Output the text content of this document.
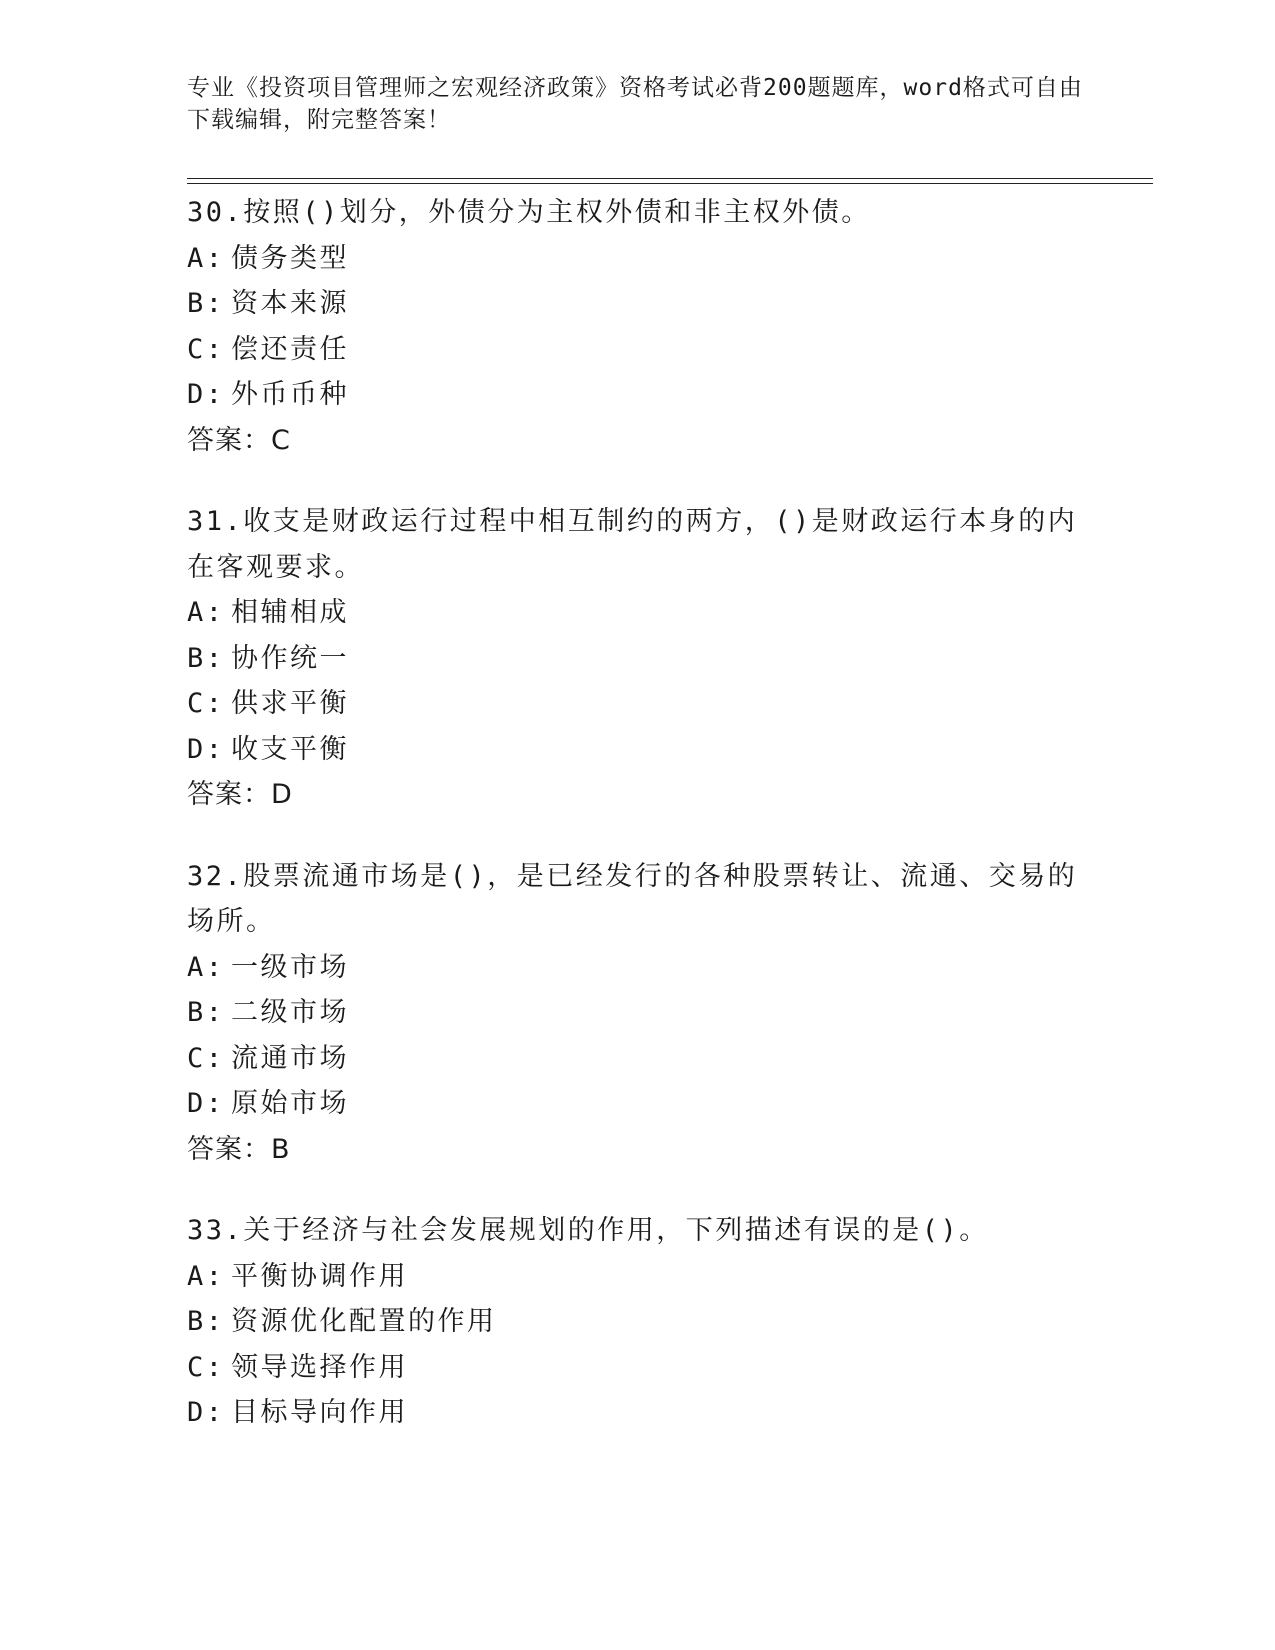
专业《投资项目管理师之宏观经济政策》资格考试必背200题题库，word格式可自由下载编辑，附完整答案！
30.按照()划分，外债分为主权外债和非主权外债。
A: 债务类型
B: 资本来源
C: 偿还责任
D: 外币币种
答案：C
31.收支是财政运行过程中相互制约的两方，()是财政运行本身的内在客观要求。
A: 相辅相成
B: 协作统一
C: 供求平衡
D: 收支平衡
答案：D
32.股票流通市场是()，是已经发行的各种股票转让、流通、交易的场所。
A: 一级市场
B: 二级市场
C: 流通市场
D: 原始市场
答案：B
33.关于经济与社会发展规划的作用，下列描述有误的是()。
A: 平衡协调作用
B: 资源优化配置的作用
C: 领导选择作用
D: 目标导向作用
